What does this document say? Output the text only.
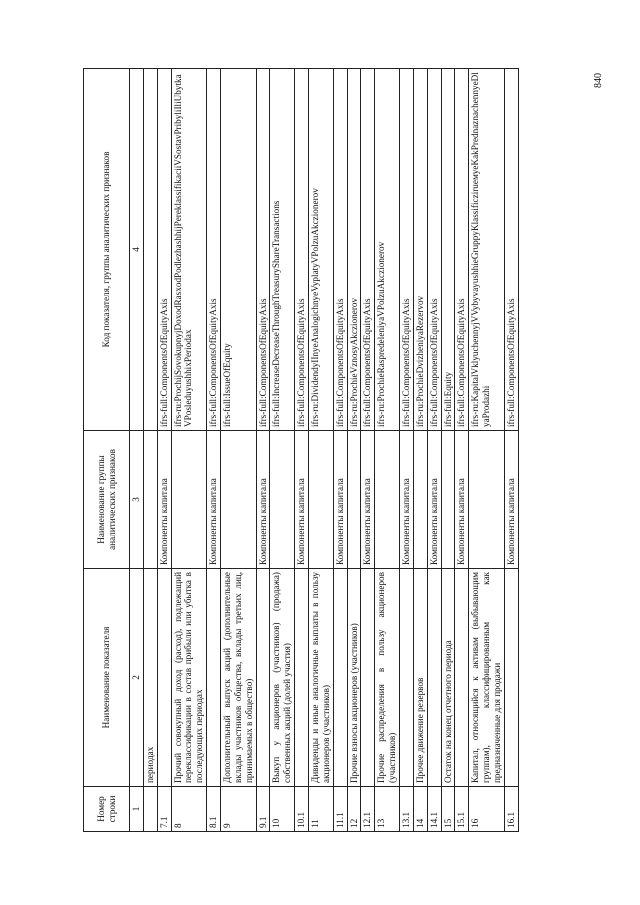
Номер строки	Наименование показателя	Наименование группы аналитических признаков	Код показателя, группы аналитических признаков
1	2	3	4
	периодах		
7.1		Компоненты капитала	ifrs-full:ComponentsOfEquityAxis
8	Прочий совокупный доход (расход), подлежащий переклассификации в состав прибыли или убытка в последующих периодах		ifrs-ru:ProchijSovokupnyjDoxodRasxodPodlezhashhijPereklassifikaciiVSostavPribyliIliUbytkaVPosleduyushhixPeriodax
8.1		Компоненты капитала	ifrs-full:ComponentsOfEquityAxis
9	Дополнительный выпуск акций (дополнительные вклады участников общества, вклады третьих лиц, принимаемых в общество)		ifrs-full:IssueOfEquity
9.1		Компоненты капитала	ifrs-full:ComponentsOfEquityAxis
10	Выкуп у акционеров (участников) (продажа) собственных акций (долей участия)		ifrs-full:IncreaseDecreaseThroughTreasuryShareTransactions
10.1		Компоненты капитала	ifrs-full:ComponentsOfEquityAxis
11	Дивиденды и иные аналогичные выплаты в пользу акционеров (участников)		ifrs-ru:DividendyIInyeAnalogichnyeVyplatyVPolzuAkczionerov
11.1		Компоненты капитала	ifrs-full:ComponentsOfEquityAxis
12	Прочие взносы акционеров (участников)		ifrs-ru:ProchieVznosyAkczionerov
12.1		Компоненты капитала	ifrs-full:ComponentsOfEquityAxis
13	Прочие распределения в пользу акционеров (участников)		ifrs-ru:ProchieRaspredeleniyaVPolzuAkczionerov
13.1		Компоненты капитала	ifrs-full:ComponentsOfEquityAxis
14	Прочее движение резервов		ifrs-ru:ProchieDvizheniyaRezervov
14.1		Компоненты капитала	ifrs-full:ComponentsOfEquityAxis
15	Остаток на конец отчетного периода		ifrs-full:Equity
15.1		Компоненты капитала	ifrs-full:ComponentsOfEquityAxis
16	Капитал, относящийся к активам (выбывающим группам), классифицированным как предназначенные для продажи		ifrs-ru:KapitalVklyuchennyjVVybyvayushhieGruppyKlassificzirueмyeKakPrednaznachennyeDlyaProdazhi
16.1		Компоненты капитала	ifrs-full:ComponentsOfEquityAxis
840
